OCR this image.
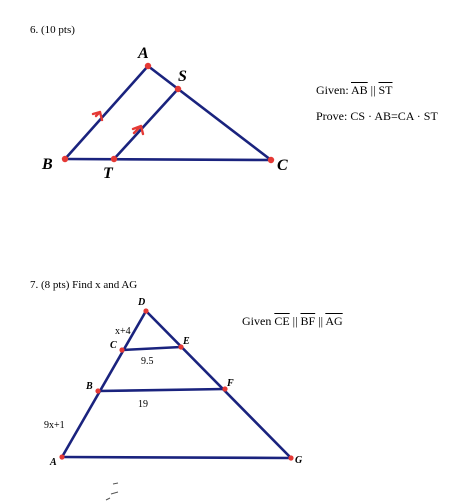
6. (10 pts)
Given: $\overline{AB}$ || $\overline{ST}$
Prove: CS · AB=CA · ST
7. (8 pts) Find x and AG
Given $\overline{CE}$ || $\overline{BF}$ || $\overline{AG}$
A
S
B
T	C
D
C	E
B	F
A	G
x+4
9.5
19
9x+1
